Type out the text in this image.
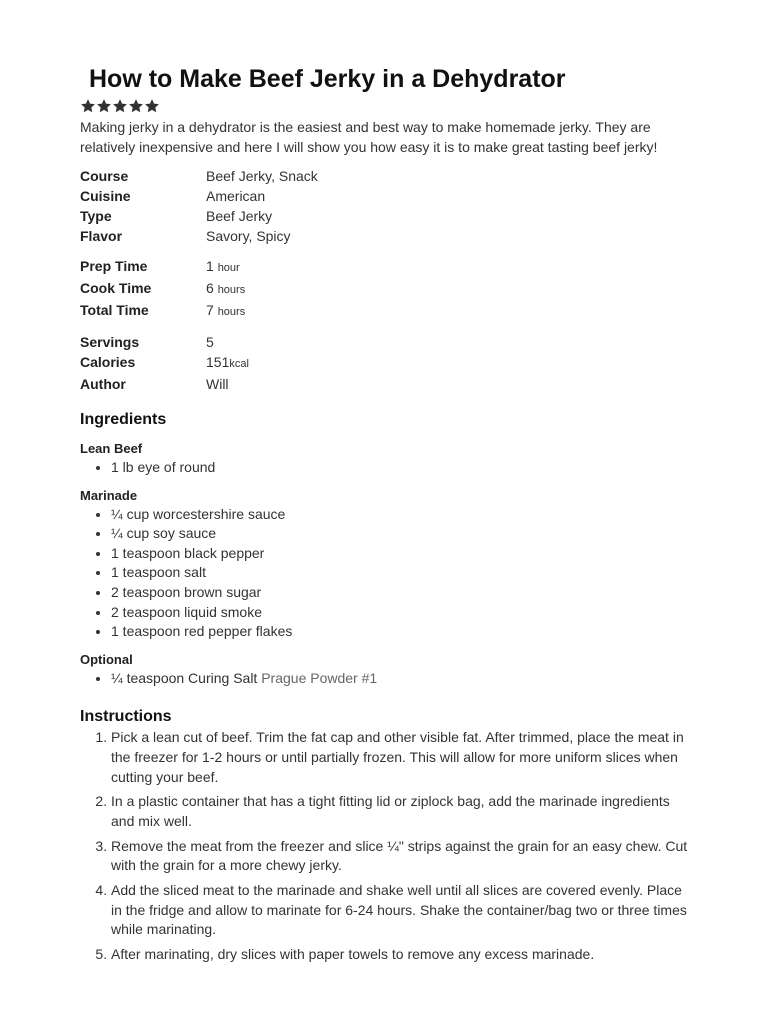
How to Make Beef Jerky in a Dehydrator
Making jerky in a dehydrator is the easiest and best way to make homemade jerky. They are relatively inexpensive and here I will show you how easy it is to make great tasting beef jerky!
Course	Beef Jerky, Snack
Cuisine	American
Type	Beef Jerky
Flavor	Savory, Spicy
Prep Time	1 hour
Cook Time	6 hours
Total Time	7 hours
Servings	5
Calories	151kcal
Author	Will
Ingredients
Lean Beef
• 1 lb eye of round
Marinade
• ¼ cup worcestershire sauce
• ¼ cup soy sauce
• 1 teaspoon black pepper
• 1 teaspoon salt
• 2 teaspoon brown sugar
• 2 teaspoon liquid smoke
• 1 teaspoon red pepper flakes
Optional
• ¼ teaspoon Curing Salt Prague Powder #1
Instructions
1. Pick a lean cut of beef. Trim the fat cap and other visible fat. After trimmed, place the meat in the freezer for 1-2 hours or until partially frozen. This will allow for more uniform slices when cutting your beef.
2. In a plastic container that has a tight fitting lid or ziplock bag, add the marinade ingredients and mix well.
3. Remove the meat from the freezer and slice ¼" strips against the grain for an easy chew. Cut with the grain for a more chewy jerky.
4. Add the sliced meat to the marinade and shake well until all slices are covered evenly. Place in the fridge and allow to marinate for 6-24 hours. Shake the container/bag two or three times while marinating.
5. After marinating, dry slices with paper towels to remove any excess marinade.
